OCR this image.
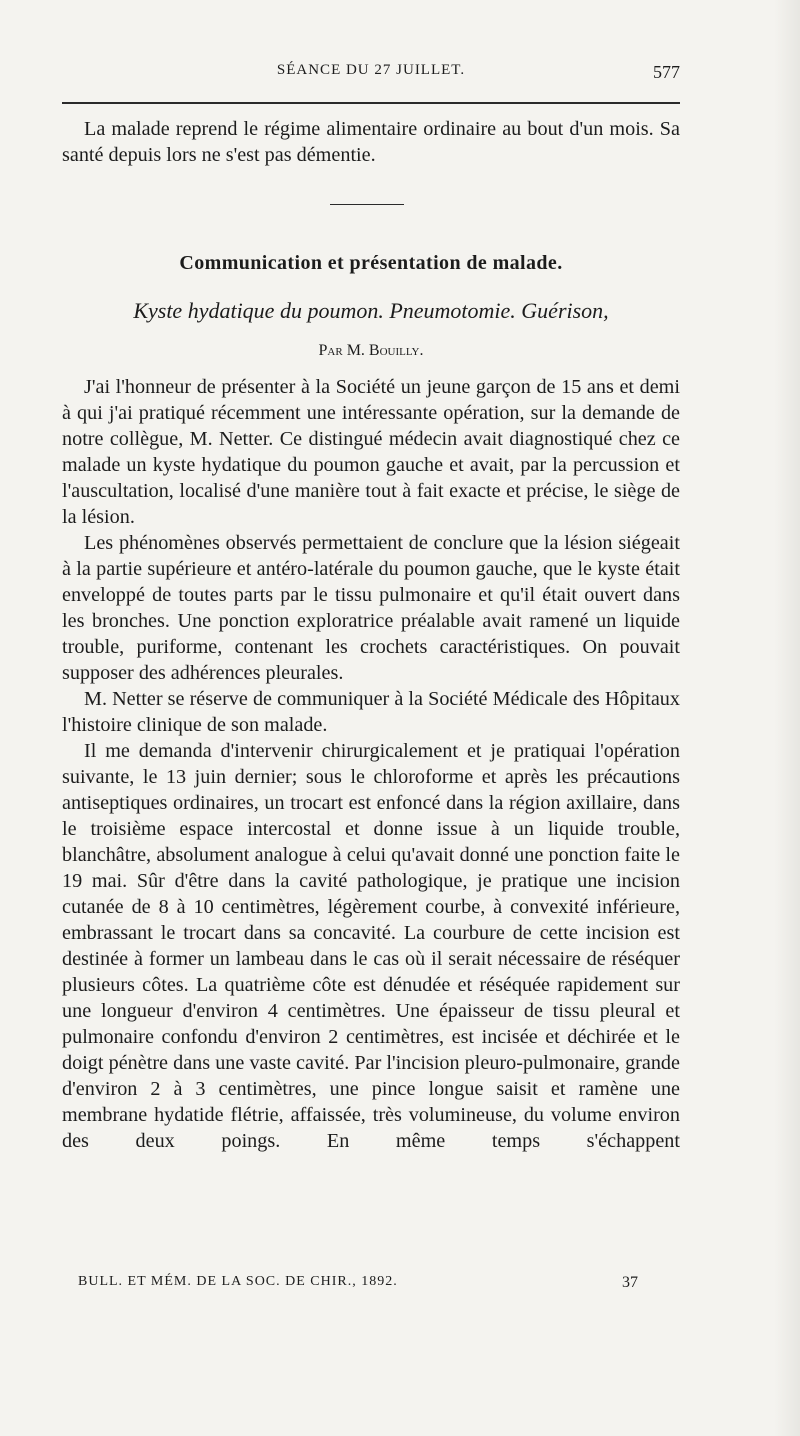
SÉANCE DU 27 JUILLET.	577

La malade reprend le régime alimentaire ordinaire au bout d'un mois. Sa santé depuis lors ne s'est pas démentie.

Communication et présentation de malade.
Kyste hydatique du poumon. Pneumotomie. Guérison,
Par M. Bouilly.

J'ai l'honneur de présenter à la Société un jeune garçon de 15 ans et demi à qui j'ai pratiqué récemment une intéressante opération, sur la demande de notre collègue, M. Netter. Ce distingué médecin avait diagnostiqué chez ce malade un kyste hydatique du poumon gauche et avait, par la percussion et l'auscultation, localisé d'une manière tout à fait exacte et précise, le siège de la lésion.

Les phénomènes observés permettaient de conclure que la lésion siégeait à la partie supérieure et antéro-latérale du poumon gauche, que le kyste était enveloppé de toutes parts par le tissu pulmonaire et qu'il était ouvert dans les bronches. Une ponction exploratrice préalable avait ramené un liquide trouble, puriforme, contenant les crochets caractéristiques. On pouvait supposer des adhérences pleurales.

M. Netter se réserve de communiquer à la Société Médicale des Hôpitaux l'histoire clinique de son malade.

Il me demanda d'intervenir chirurgicalement et je pratiquai l'opération suivante, le 13 juin dernier; sous le chloroforme et après les précautions antiseptiques ordinaires, un trocart est enfoncé dans la région axillaire, dans le troisième espace intercostal et donne issue à un liquide trouble, blanchâtre, absolument analogue à celui qu'avait donné une ponction faite le 19 mai. Sûr d'être dans la cavité pathologique, je pratique une incision cutanée de 8 à 10 centimètres, légèrement courbe, à convexité inférieure, embrassant le trocart dans sa concavité. La courbure de cette incision est destinée à former un lambeau dans le cas où il serait nécessaire de réséquer plusieurs côtes. La quatrième côte est dénudée et réséquée rapidement sur une longueur d'environ 4 centimètres. Une épaisseur de tissu pleural et pulmonaire confondu d'environ 2 centimètres, est incisée et déchirée et le doigt pénètre dans une vaste cavité. Par l'incision pleuro-pulmonaire, grande d'environ 2 à 3 centimètres, une pince longue saisit et ramène une membrane hydatide flétrie, affaissée, très volumineuse, du volume environ des deux poings. En même temps s'échappent

BULL. ET MÉM. DE LA SOC. DE CHIR., 1892.	37
